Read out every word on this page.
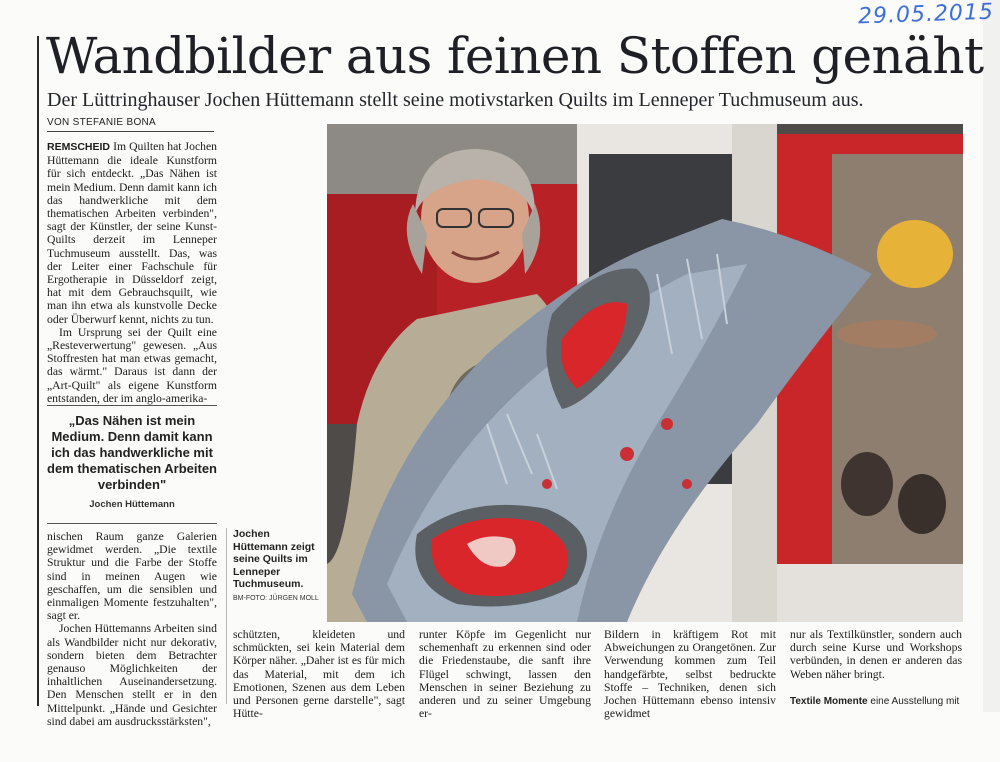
29.05.2015
Wandbilder aus feinen Stoffen genäht
Der Lüttringhauser Jochen Hüttemann stellt seine motivstarken Quilts im Lenneper Tuchmuseum aus.
VON STEFANIE BONA

REMSCHEID Im Quilten hat Jochen Hüttemann die ideale Kunstform für sich entdeckt. „Das Nähen ist mein Medium. Denn damit kann ich das handwerkliche mit dem thematischen Arbeiten verbinden", sagt der Künstler, der seine Kunst-Quilts derzeit im Lenneper Tuchmuseum ausstellt. Das, was der Leiter einer Fachschule für Ergotherapie in Düsseldorf zeigt, hat mit dem Gebrauchsquilt, wie man ihn etwa als kunstvolle Decke oder Überwurf kennt, nichts zu tun.

Im Ursprung sei der Quilt eine „Resteverwertung" gewesen. „Aus Stoffresten hat man etwas gemacht, das wärmt." Daraus ist dann der „Art-Quilt" als eigene Kunstform entstanden, der im anglo-amerika-

„Das Nähen ist mein Medium. Denn damit kann ich das handwerkliche mit dem thematischen Arbeiten verbinden"
Jochen Hüttemann

nischen Raum ganze Galerien gewidmet werden. „Die textile Struktur und die Farbe der Stoffe sind in meinen Augen wie geschaffen, um die sensiblen und einmaligen Momente festzuhalten", sagt er.

Jochen Hüttemanns Arbeiten sind als Wandbilder nicht nur dekorativ, sondern bieten dem Betrachter genauso Möglichkeiten der inhaltlichen Auseinandersetzung. Den Menschen stellt er in den Mittelpunkt. „Hände und Gesichter sind dabei am ausdrucksstärksten",

Jochen Hüttemann zeigt seine Quilts im Lenneper Tuchmuseum.
BM-FOTO: JÜRGEN MOLL

schützten, kleideten und schmückten, sei kein Material dem Körper näher. „Daher ist es für mich das Material, mit dem ich Emotionen, Szenen aus dem Leben und Personen gerne darstelle", sagt Hütte-

runter Köpfe im Gegenlicht nur schemenhaft zu erkennen sind oder die Friedenstaube, die sanft ihre Flügel schwingt, lassen den Menschen in seiner Beziehung zu anderen und zu seiner Umgebung er-

Bildern in kräftigem Rot mit Abweichungen zu Orangetönen. Zur Verwendung kommen zum Teil handgefärbte, selbst bedruckte Stoffe – Techniken, denen sich Jochen Hüttemann ebenso intensiv gewidmet

nur als Textilkünstler, sondern auch durch seine Kurse und Workshops verbünden, in denen er anderen das Weben näher bringt.

Textile Momente eine Ausstellung mit
